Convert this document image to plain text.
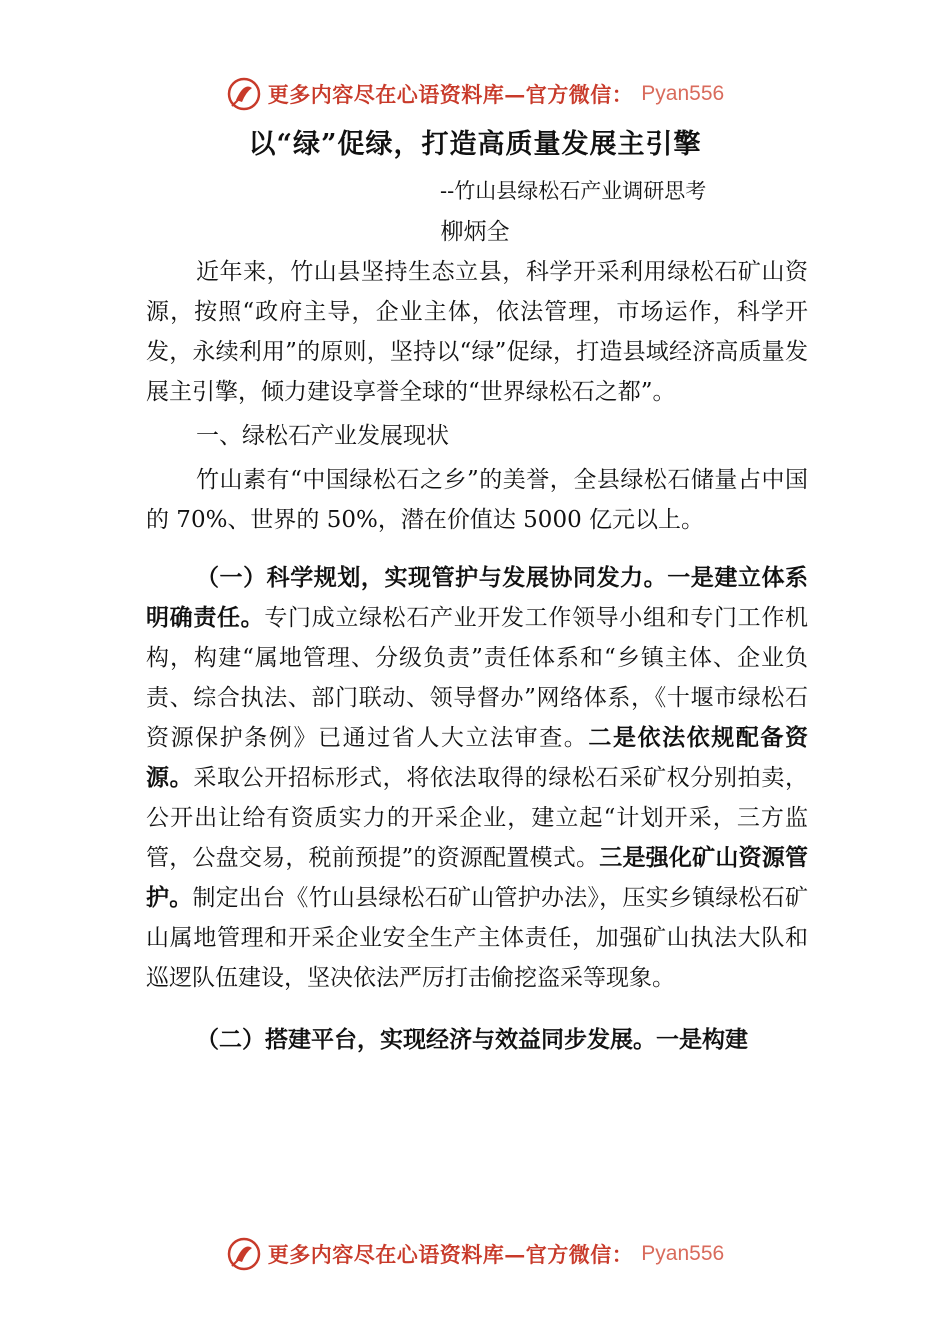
更多内容尽在心语资料库—官方微信： Pyan556
以“绿”促绿，打造高质量发展主引擎
--竹山县绿松石产业调研思考
柳炳全

近年来，竹山县坚持生态立县，科学开采利用绿松石矿山资源，按照“政府主导，企业主体，依法管理，市场运作，科学开发，永续利用”的原则，坚持以“绿”促绿，打造县域经济高质量发展主引擎，倾力建设享誉全球的“世界绿松石之都”。

一、绿松石产业发展现状

竹山素有“中国绿松石之乡”的美誉，全县绿松石储量占中国的 70%、世界的 50%，潜在价值达 5000 亿元以上。

（一）科学规划，实现管护与发展协同发力。一是建立体系明确责任。专门成立绿松石产业开发工作领导小组和专门工作机构，构建“属地管理、分级负责”责任体系和“乡镇主体、企业负责、综合执法、部门联动、领导督办”网络体系，《十堰市绿松石资源保护条例》已通过省人大立法审查。二是依法依规配备资源。采取公开招标形式，将依法取得的绿松石采矿权分别拍卖，公开出让给有资质实力的开采企业，建立起“计划开采，三方监管，公盘交易，税前预提”的资源配置模式。三是强化矿山资源管护。制定出台《竹山县绿松石矿山管护办法》，压实乡镇绿松石矿山属地管理和开采企业安全生产主体责任，加强矿山执法大队和巡逻队伍建设，坚决依法严厉打击偷挖盗采等现象。

（二）搭建平台，实现经济与效益同步发展。一是构建

更多内容尽在心语资料库—官方微信： Pyan556
